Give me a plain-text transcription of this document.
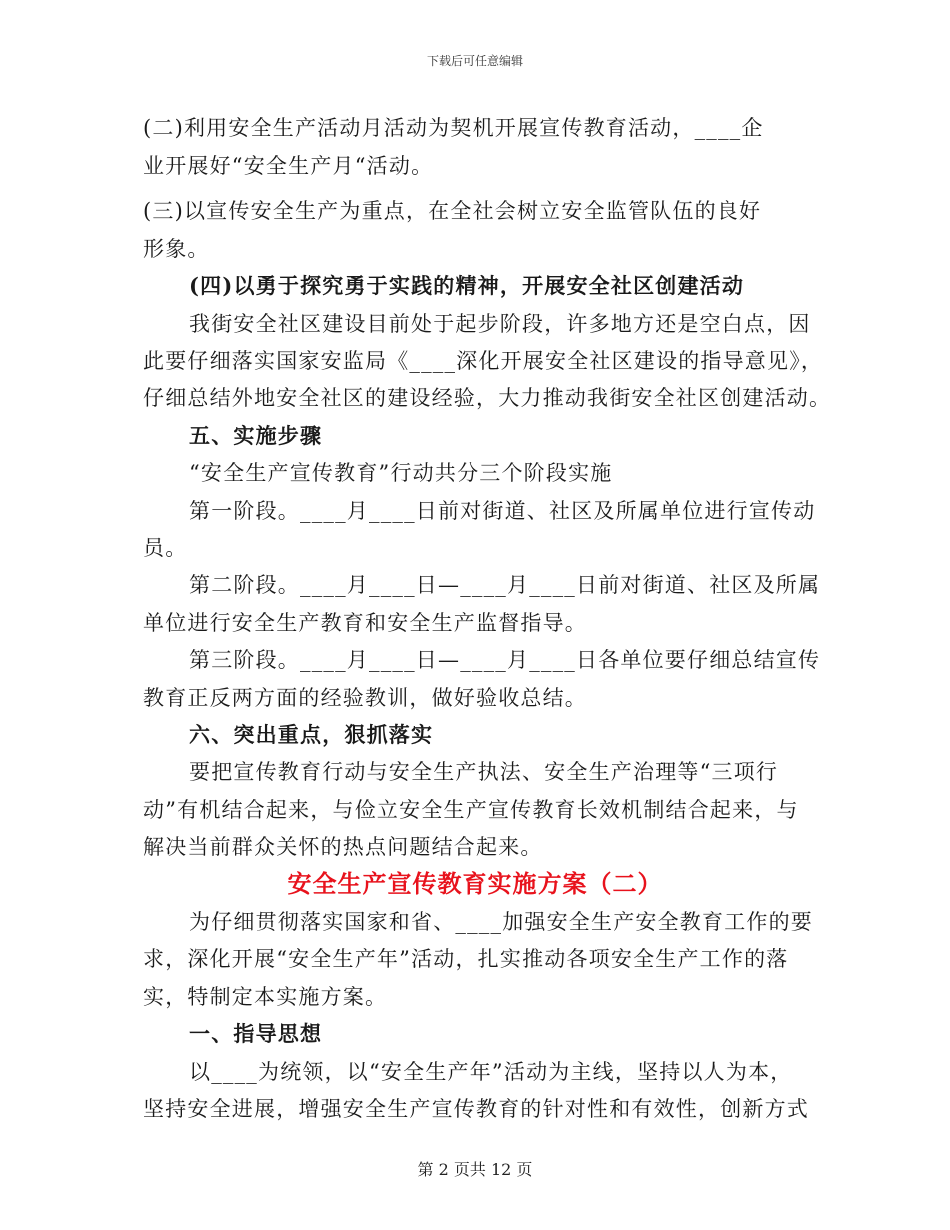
下载后可任意编辑
(二)利用安全生产活动月活动为契机开展宣传教育活动，____企
业开展好“安全生产月“活动。
(三)以宣传安全生产为重点，在全社会树立安全监管队伍的良好
形象。
(四)以勇于探究勇于实践的精神，开展安全社区创建活动
我街安全社区建设目前处于起步阶段，许多地方还是空白点，因
此要仔细落实国家安监局《____深化开展安全社区建设的指导意见》，
仔细总结外地安全社区的建设经验，大力推动我街安全社区创建活动。
五、实施步骤
“安全生产宣传教育”行动共分三个阶段实施
第一阶段。____月____日前对街道、社区及所属单位进行宣传动
员。
第二阶段。____月____日—____月____日前对街道、社区及所属
单位进行安全生产教育和安全生产监督指导。
第三阶段。____月____日—____月____日各单位要仔细总结宣传
教育正反两方面的经验教训，做好验收总结。
六、突出重点，狠抓落实
要把宣传教育行动与安全生产执法、安全生产治理等“三项行
动”有机结合起来，与俭立安全生产宣传教育长效机制结合起来，与
解决当前群众关怀的热点问题结合起来。
安全生产宣传教育实施方案（二）
为仔细贯彻落实国家和省、____加强安全生产安全教育工作的要
求，深化开展“安全生产年”活动，扎实推动各项安全生产工作的落
实，特制定本实施方案。
一、指导思想
以____为统领，以“安全生产年”活动为主线，坚持以人为本，
坚持安全进展，增强安全生产宣传教育的针对性和有效性，创新方式
第 2 页共 12 页
